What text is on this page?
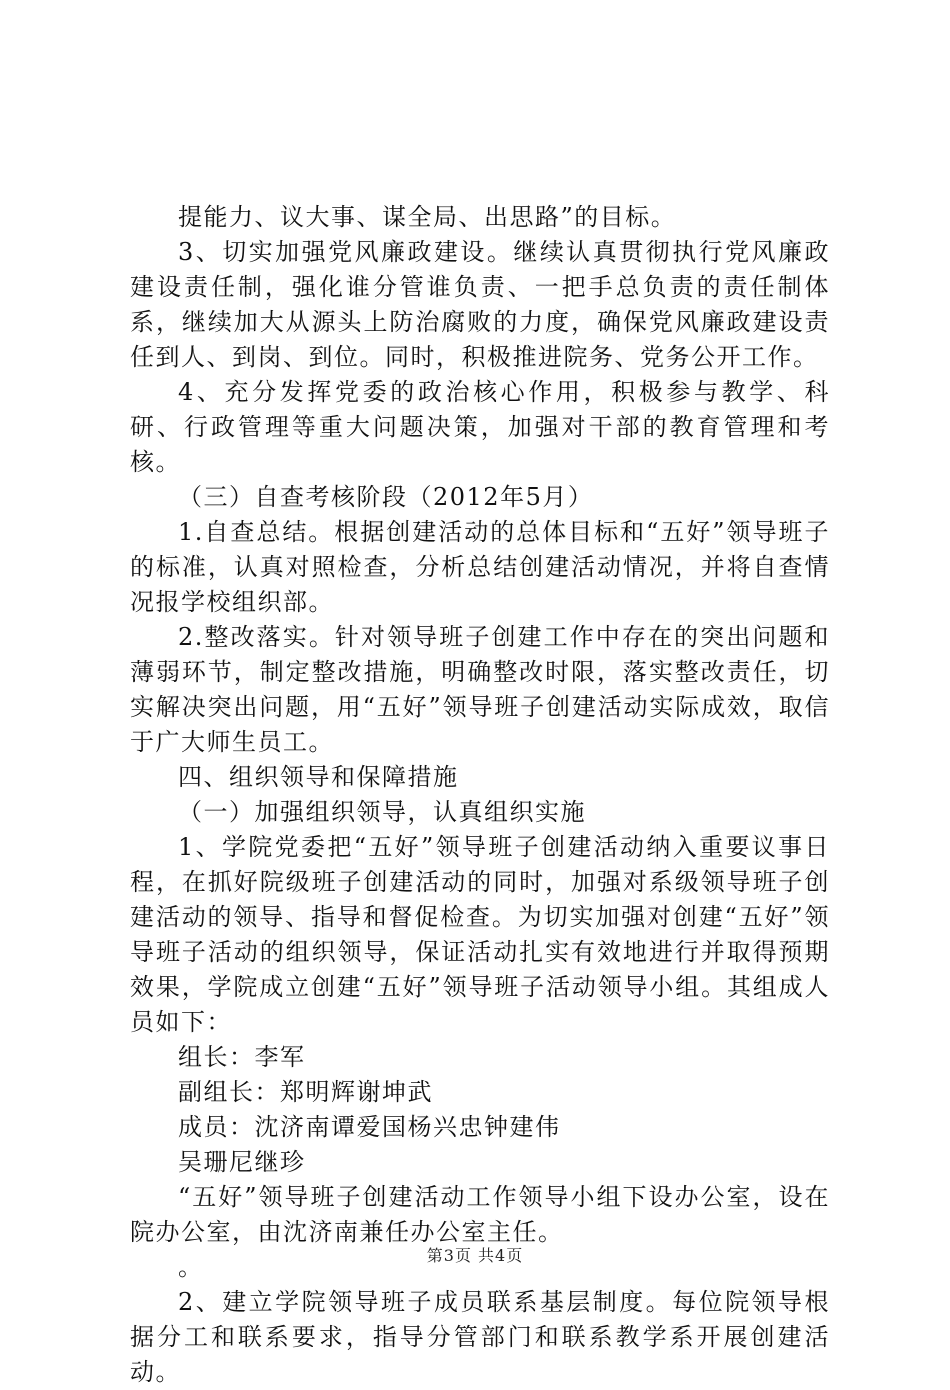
提能力、议大事、谋全局、出思路”的目标。

3、切实加强党风廉政建设。继续认真贯彻执行党风廉政建设责任制，强化谁分管谁负责、一把手总负责的责任制体系，继续加大从源头上防治腐败的力度，确保党风廉政建设责任到人、到岗、到位。同时，积极推进院务、党务公开工作。

4、充分发挥党委的政治核心作用，积极参与教学、科研、行政管理等重大问题决策，加强对干部的教育管理和考核。

（三）自查考核阶段（2012年5月）

1.自查总结。根据创建活动的总体目标和“五好”领导班子的标准，认真对照检查，分析总结创建活动情况，并将自查情况报学校组织部。

2.整改落实。针对领导班子创建工作中存在的突出问题和薄弱环节，制定整改措施，明确整改时限，落实整改责任，切实解决突出问题，用“五好”领导班子创建活动实际成效，取信于广大师生员工。

四、组织领导和保障措施

（一）加强组织领导，认真组织实施

1、学院党委把“五好”领导班子创建活动纳入重要议事日程，在抓好院级班子创建活动的同时，加强对系级领导班子创建活动的领导、指导和督促检查。为切实加强对创建“五好”领导班子活动的组织领导，保证活动扎实有效地进行并取得预期效果，学院成立创建“五好”领导班子活动领导小组。其组成人员如下：

组长：李军

副组长：郑明辉谢坤武

成员：沈济南谭爱国杨兴忠钟建伟

吴珊尼继珍

“五好”领导班子创建活动工作领导小组下设办公室，设在院办公室，由沈济南兼任办公室主任。

。

2、建立学院领导班子成员联系基层制度。每位院领导根据分工和联系要求，指导分管部门和联系教学系开展创建活动。

第3页 共4页
